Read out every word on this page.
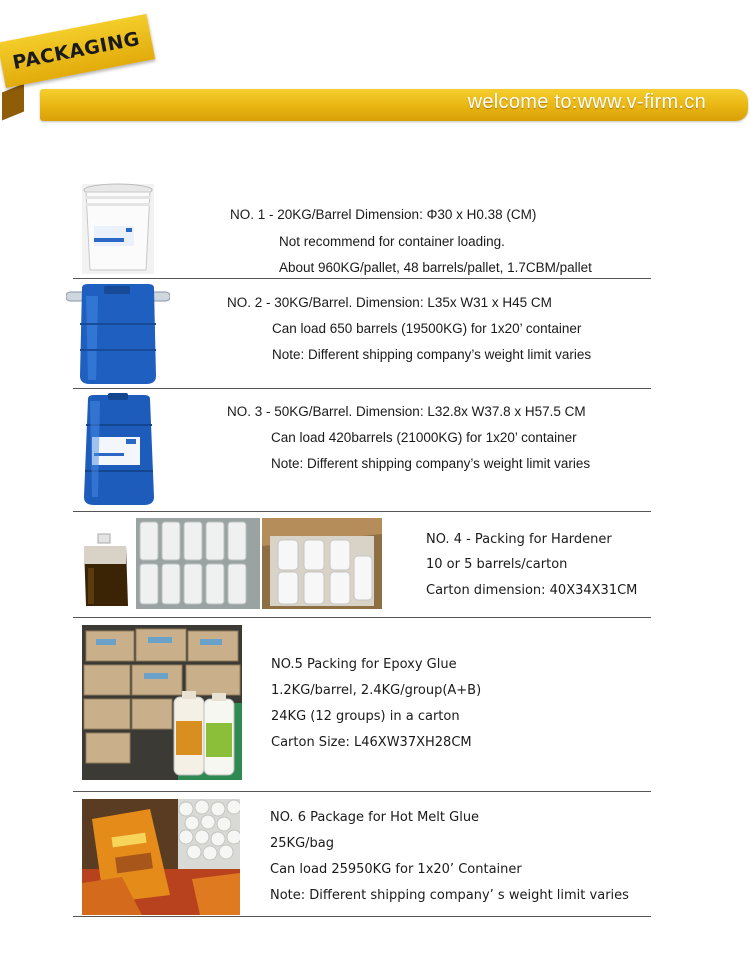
welcome to:www.v-firm.cn
PACKAGING
NO. 1 - 20KG/Barrel Dimension: Φ30 x H0.38 (CM)
Not recommend for container loading.
About 960KG/pallet, 48 barrels/pallet, 1.7CBM/pallet
NO. 2 - 30KG/Barrel. Dimension: L35x W31 x H45 CM
Can load 650 barrels (19500KG) for 1x20’ container
Note: Different shipping company’s weight limit varies
NO. 3 - 50KG/Barrel. Dimension: L32.8x W37.8 x H57.5 CM
Can load 420barrels (21000KG) for 1x20’ container
Note: Different shipping company’s weight limit varies
NO. 4 - Packing for Hardener
10 or 5 barrels/carton
Carton dimension: 40X34X31CM
NO.5 Packing for Epoxy Glue
1.2KG/barrel, 2.4KG/group(A+B)
24KG (12 groups) in a carton
Carton Size: L46XW37XH28CM
NO. 6 Package for Hot Melt Glue
25KG/bag
Can load 25950KG for 1x20’ Container
Note: Different shipping company’ s weight limit varies
